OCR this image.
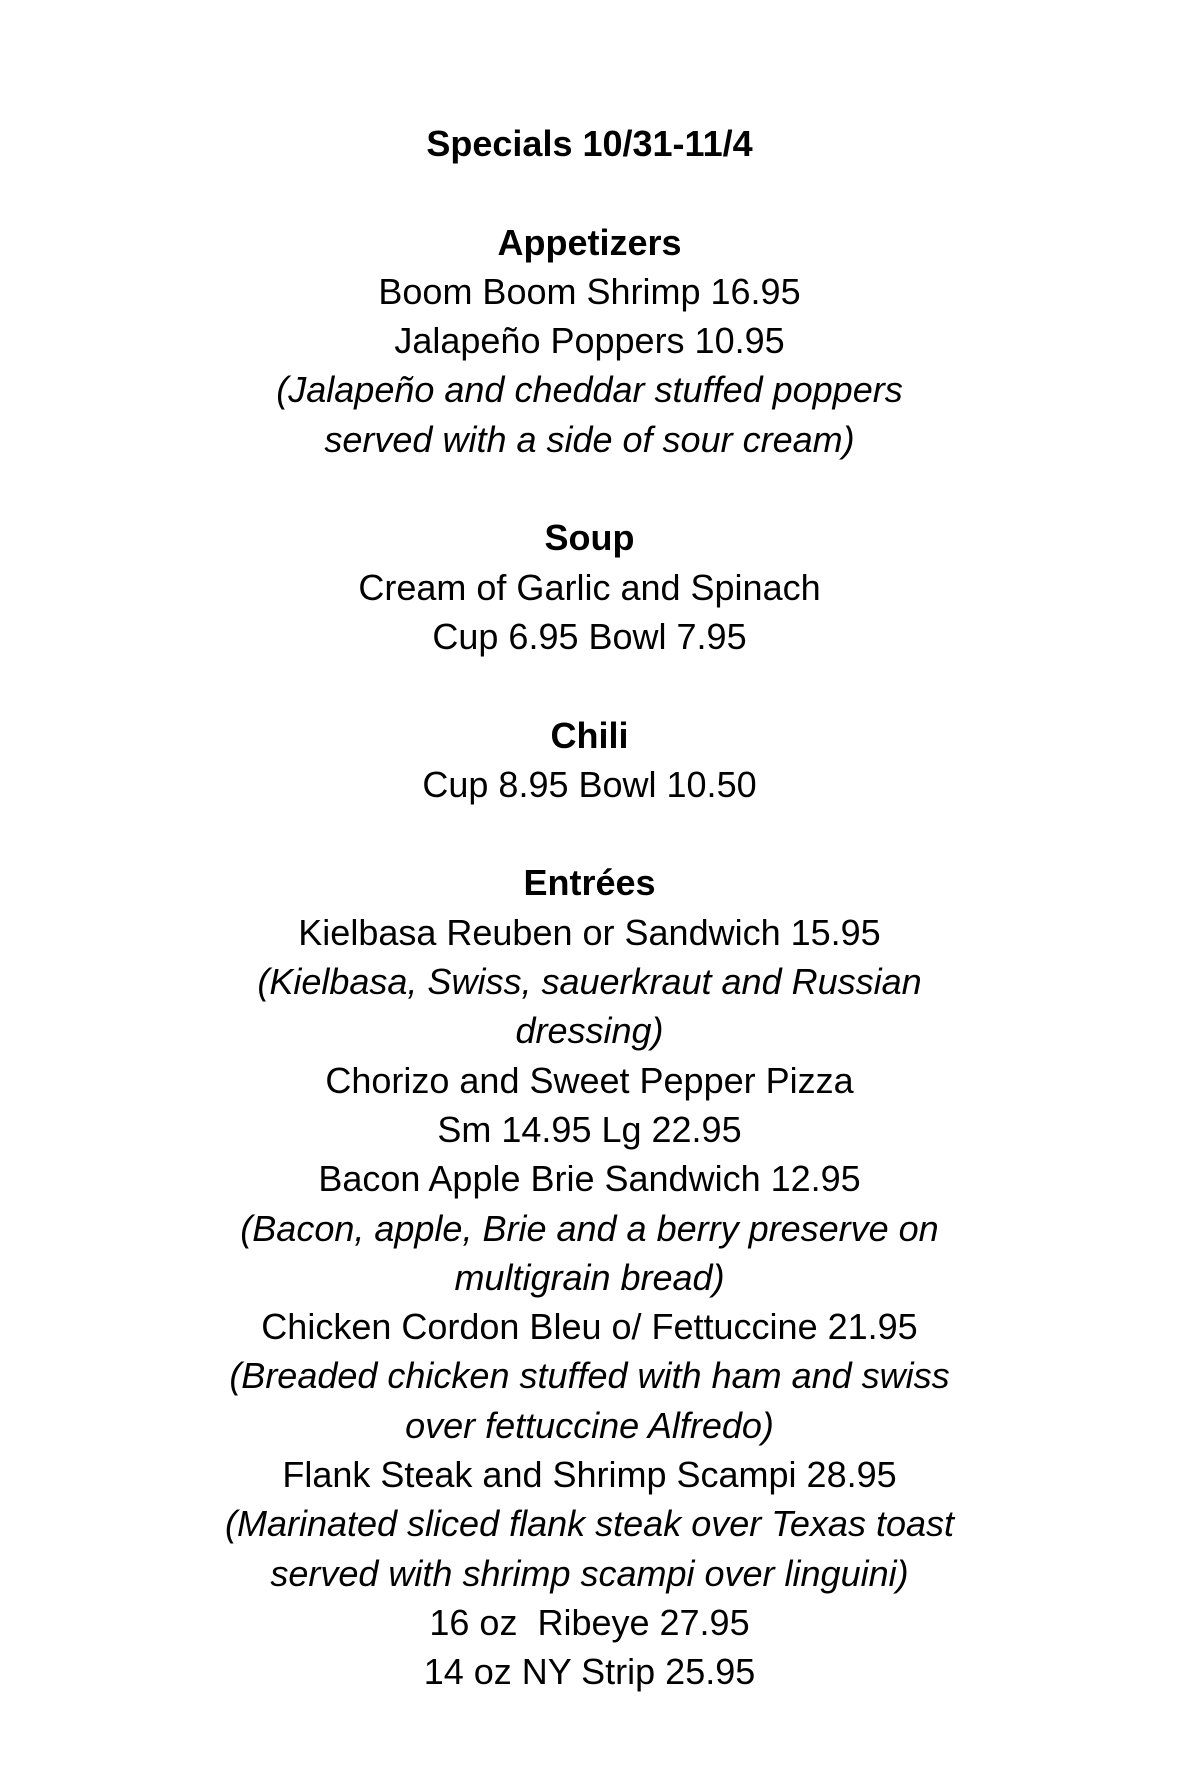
Specials 10/31-11/4
Appetizers
Boom Boom Shrimp 16.95
Jalapeño Poppers 10.95
(Jalapeño and cheddar stuffed poppers
served with a side of sour cream)
Soup
Cream of Garlic and Spinach
Cup 6.95 Bowl 7.95
Chili
Cup 8.95 Bowl 10.50
Entrées
Kielbasa Reuben or Sandwich 15.95
(Kielbasa, Swiss, sauerkraut and Russian
dressing)
Chorizo and Sweet Pepper Pizza
Sm 14.95 Lg 22.95
Bacon Apple Brie Sandwich 12.95
(Bacon, apple, Brie and a berry preserve on
multigrain bread)
Chicken Cordon Bleu o/ Fettuccine 21.95
(Breaded chicken stuffed with ham and swiss
over fettuccine Alfredo)
Flank Steak and Shrimp Scampi 28.95
(Marinated sliced flank steak over Texas toast
served with shrimp scampi over linguini)
16 oz  Ribeye 27.95
14 oz NY Strip 25.95
